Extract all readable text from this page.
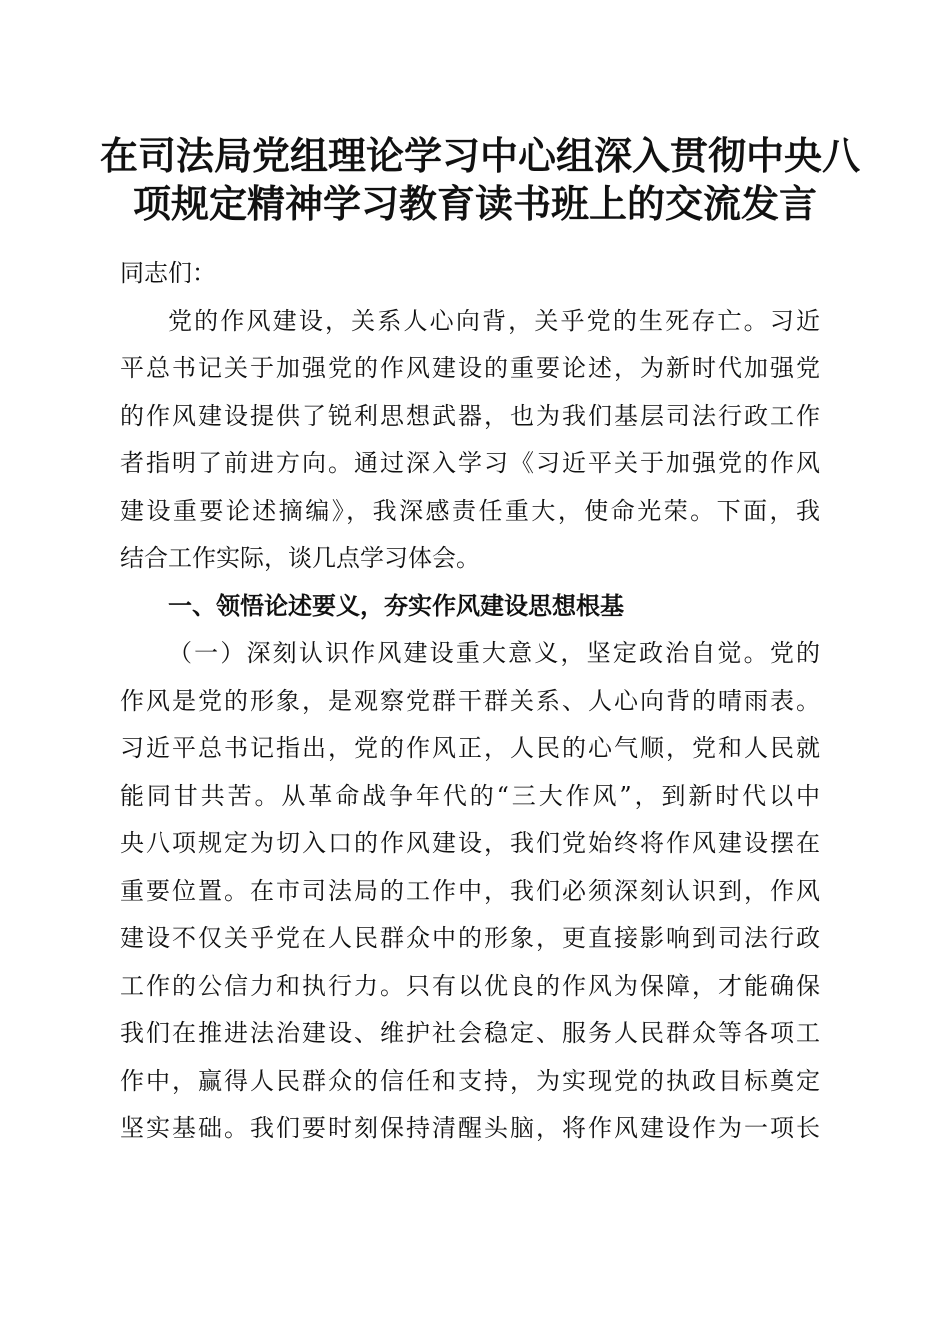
在司法局党组理论学习中心组深入贯彻中央八
项规定精神学习教育读书班上的交流发言
同志们：
党的作风建设，关系人心向背，关乎党的生死存亡。习近
平总书记关于加强党的作风建设的重要论述，为新时代加强党
的作风建设提供了锐利思想武器，也为我们基层司法行政工作
者指明了前进方向。通过深入学习《习近平关于加强党的作风
建设重要论述摘编》，我深感责任重大，使命光荣。下面，我
结合工作实际，谈几点学习体会。
一、领悟论述要义，夯实作风建设思想根基
（一）深刻认识作风建设重大意义，坚定政治自觉。党的
作风是党的形象，是观察党群干群关系、人心向背的晴雨表。
习近平总书记指出，党的作风正，人民的心气顺，党和人民就
能同甘共苦。从革命战争年代的“三大作风”，到新时代以中
央八项规定为切入口的作风建设，我们党始终将作风建设摆在
重要位置。在市司法局的工作中，我们必须深刻认识到，作风
建设不仅关乎党在人民群众中的形象，更直接影响到司法行政
工作的公信力和执行力。只有以优良的作风为保障，才能确保
我们在推进法治建设、维护社会稳定、服务人民群众等各项工
作中，赢得人民群众的信任和支持，为实现党的执政目标奠定
坚实基础。我们要时刻保持清醒头脑，将作风建设作为一项长
